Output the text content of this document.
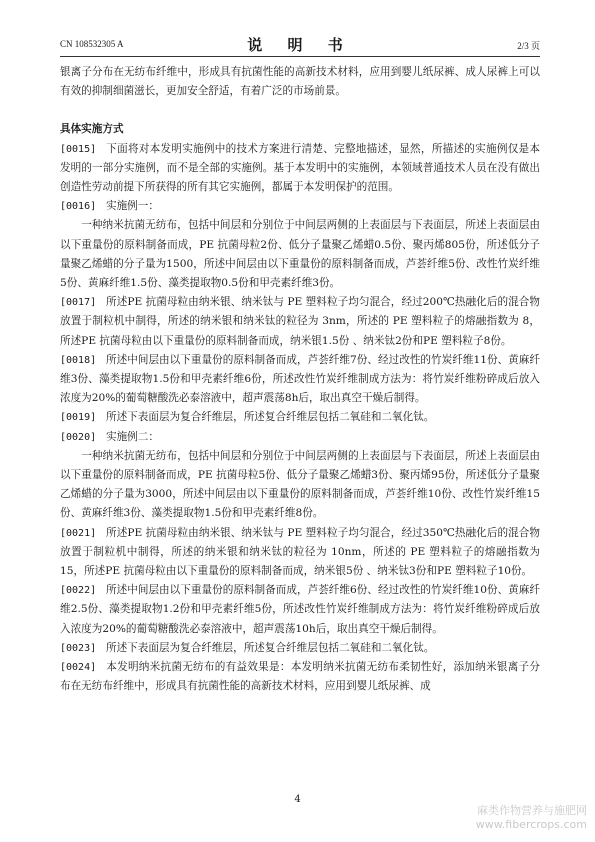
CN 108532305 A	说 明 书	2/3 页

银离子分布在无纺布纤维中，形成具有抗菌性能的高新技术材料，应用到婴儿纸尿裤、成人尿裤上可以有效的抑制细菌滋长，更加安全舒适，有着广泛的市场前景。

具体实施方式

[0015] 下面将对本发明实施例中的技术方案进行清楚、完整地描述，显然，所描述的实施例仅是本发明的一部分实施例，而不是全部的实施例。基于本发明中的实施例，本领域普通技术人员在没有做出创造性劳动前提下所获得的所有其它实施例，都属于本发明保护的范围。

[0016] 实施例一：

一种纳米抗菌无纺布，包括中间层和分别位于中间层两侧的上表面层与下表面层，所述上表面层由以下重量份的原料制备而成，PE 抗菌母粒2份、低分子量聚乙烯蜡0.5份、聚丙烯805份，所述低分子量聚乙烯蜡的分子量为1500，所述中间层由以下重量份的原料制备而成，芦荟纤维5份、改性竹炭纤维5份、黄麻纤维1.5份、藻类提取物0.5份和甲壳素纤维3份。

[0017] 所述PE 抗菌母粒由纳米银、纳米钛与 PE 塑料粒子均匀混合，经过200℃热融化后的混合物放置于制粒机中制得，所述的纳米银和纳米钛的粒径为 3nm，所述的 PE 塑料粒子的熔融指数为 8，所述PE 抗菌母粒由以下重量份的原料制备而成，纳米银1.5份 、纳米钛2份和PE 塑料粒子8份。

[0018] 所述中间层由以下重量份的原料制备而成，芦荟纤维7份、经过改性的竹炭纤维11份、黄麻纤维3份、藻类提取物1.5份和甲壳素纤维6份，所述改性竹炭纤维制成方法为：将竹炭纤维粉碎成后放入浓度为20%的葡萄糖酸洗必泰溶液中，超声震荡8h后，取出真空干燥后制得。

[0019] 所述下表面层为复合纤维层，所述复合纤维层包括二氧硅和二氧化钛。

[0020] 实施例二：

一种纳米抗菌无纺布，包括中间层和分别位于中间层两侧的上表面层与下表面层，所述上表面层由以下重量份的原料制备而成，PE 抗菌母粒5份、低分子量聚乙烯蜡3份、聚丙烯95份，所述低分子量聚乙烯蜡的分子量为3000，所述中间层由以下重量份的原料制备而成，芦荟纤维10份、改性竹炭纤维15份、黄麻纤维3份、藻类提取物1.5份和甲壳素纤维8份。

[0021] 所述PE 抗菌母粒由纳米银、纳米钛与 PE 塑料粒子均匀混合，经过350℃热融化后的混合物放置于制粒机中制得，所述的纳米银和纳米钛的粒径为 10nm，所述的 PE 塑料粒子的熔融指数为 15，所述PE 抗菌母粒由以下重量份的原料制备而成，纳米银5份 、纳米钛3份和PE 塑料粒子10份。

[0022] 所述中间层由以下重量份的原料制备而成，芦荟纤维6份、经过改性的竹炭纤维10份、黄麻纤维2.5份、藻类提取物1.2份和甲壳素纤维5份，所述改性竹炭纤维制成方法为：将竹炭纤维粉碎成后放入浓度为20%的葡萄糖酸洗必泰溶液中，超声震荡10h后，取出真空干燥后制得。

[0023] 所述下表面层为复合纤维层，所述复合纤维层包括二氧硅和二氧化钛。

[0024] 本发明纳米抗菌无纺布的有益效果是：本发明纳米抗菌无纺布柔韧性好，添加纳米银离子分布在无纺布纤维中，形成具有抗菌性能的高新技术材料，应用到婴儿纸尿裤、成

4
麻类作物营养与施肥网
www.fibercrops.com
